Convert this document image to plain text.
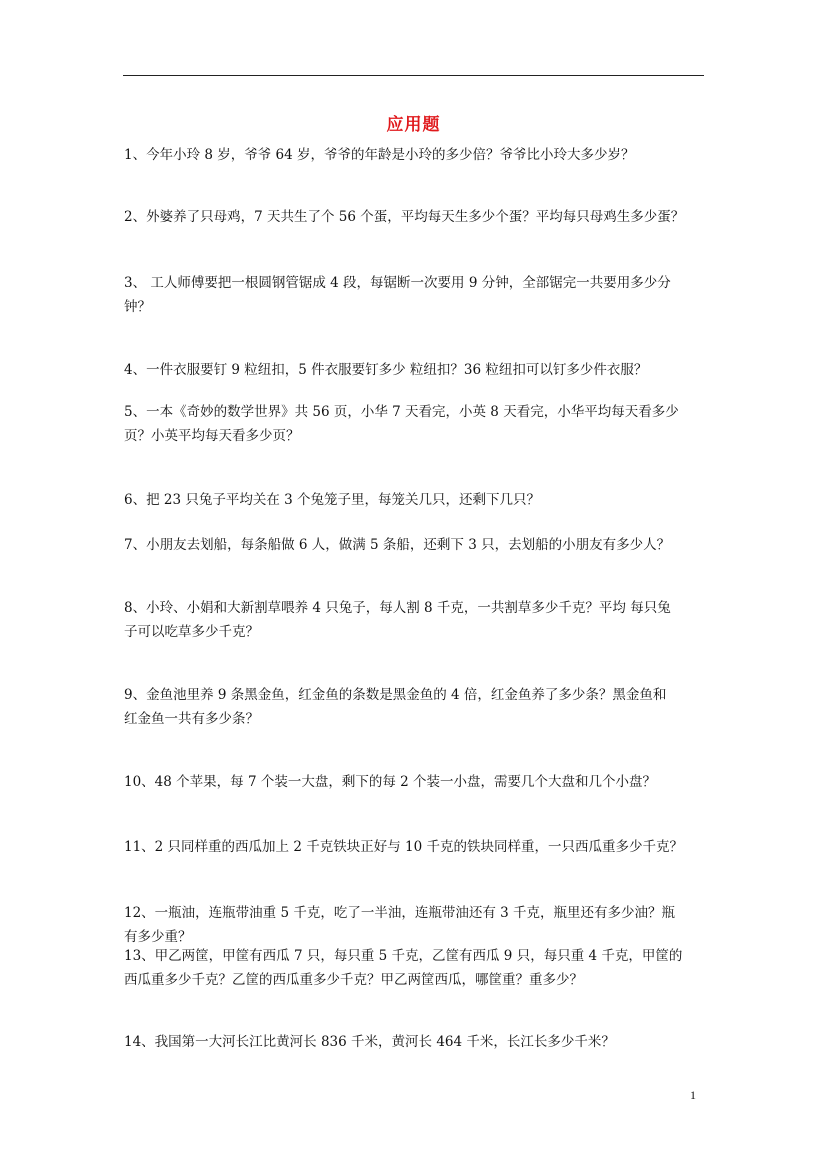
应用题
1、今年小玲 8 岁，爷爷 64 岁，爷爷的年龄是小玲的多少倍？爷爷比小玲大多少岁？
2、外婆养了只母鸡，7 天共生了个 56 个蛋，平均每天生多少个蛋？平均每只母鸡生多少蛋？
3、 工人师傅要把一根圆钢管锯成 4 段，每锯断一次要用 9 分钟，全部锯完一共要用多少分
钟？
4、一件衣服要钉 9 粒纽扣，5 件衣服要钉多少 粒纽扣？36 粒纽扣可以钉多少件衣服？
5、一本《奇妙的数学世界》共 56 页，小华 7 天看完，小英 8 天看完，小华平均每天看多少
页？小英平均每天看多少页？
6、把 23 只兔子平均关在 3 个兔笼子里，每笼关几只，还剩下几只？
7、小朋友去划船，每条船做 6 人，做满 5 条船，还剩下 3 只，去划船的小朋友有多少人？
8、小玲、小娟和大新割草喂养 4 只兔子，每人割 8 千克，一共割草多少千克？平均 每只兔
子可以吃草多少千克？
9、金鱼池里养 9 条黑金鱼，红金鱼的条数是黑金鱼的 4 倍，红金鱼养了多少条？黑金鱼和
红金鱼一共有多少条？
10、48 个苹果，每 7 个装一大盘，剩下的每 2 个装一小盘，需要几个大盘和几个小盘？
11、2 只同样重的西瓜加上 2 千克铁块正好与 10 千克的铁块同样重，一只西瓜重多少千克？
12、一瓶油，连瓶带油重 5 千克，吃了一半油，连瓶带油还有 3 千克，瓶里还有多少油？瓶
有多少重？
13、甲乙两筐，甲筐有西瓜 7 只，每只重 5 千克，乙筐有西瓜 9 只，每只重 4 千克，甲筐的
西瓜重多少千克？乙筐的西瓜重多少千克？甲乙两筐西瓜，哪筐重？重多少？
14、我国第一大河长江比黄河长 836 千米，黄河长 464 千米，长江长多少千米？
1
